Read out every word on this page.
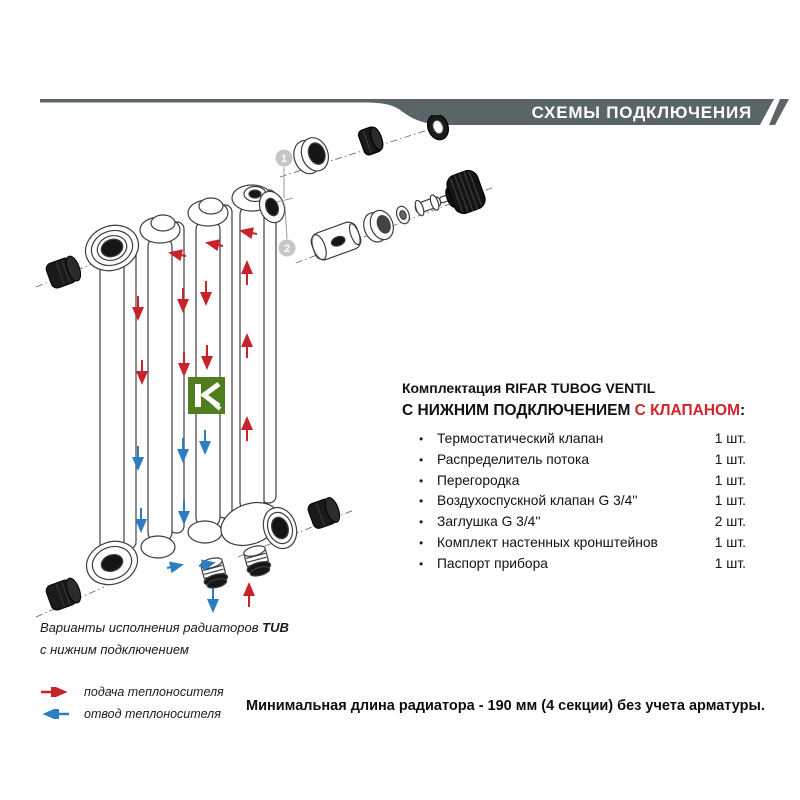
СХЕМЫ ПОДКЛЮЧЕНИЯ
1
2
Комплектация RIFAR TUBOG VENTIL
С НИЖНИМ ПОДКЛЮЧЕНИЕМ С КЛАПАНОМ:
• Термостатический клапан	1 шт.
• Распределитель потока	1 шт.
• Перегородка	1 шт.
• Воздухоспускной клапан G 3/4''	1 шт.
• Заглушка G 3/4''	2 шт.
• Комплект настенных кронштейнов	1 шт.
• Паспорт прибора	1 шт.
Варианты исполнения радиаторов TUB
с нижним подключением
подача теплоносителя
отвод теплоносителя Минимальная длина радиатора - 190 мм (4 секции) без учета арматуры.
